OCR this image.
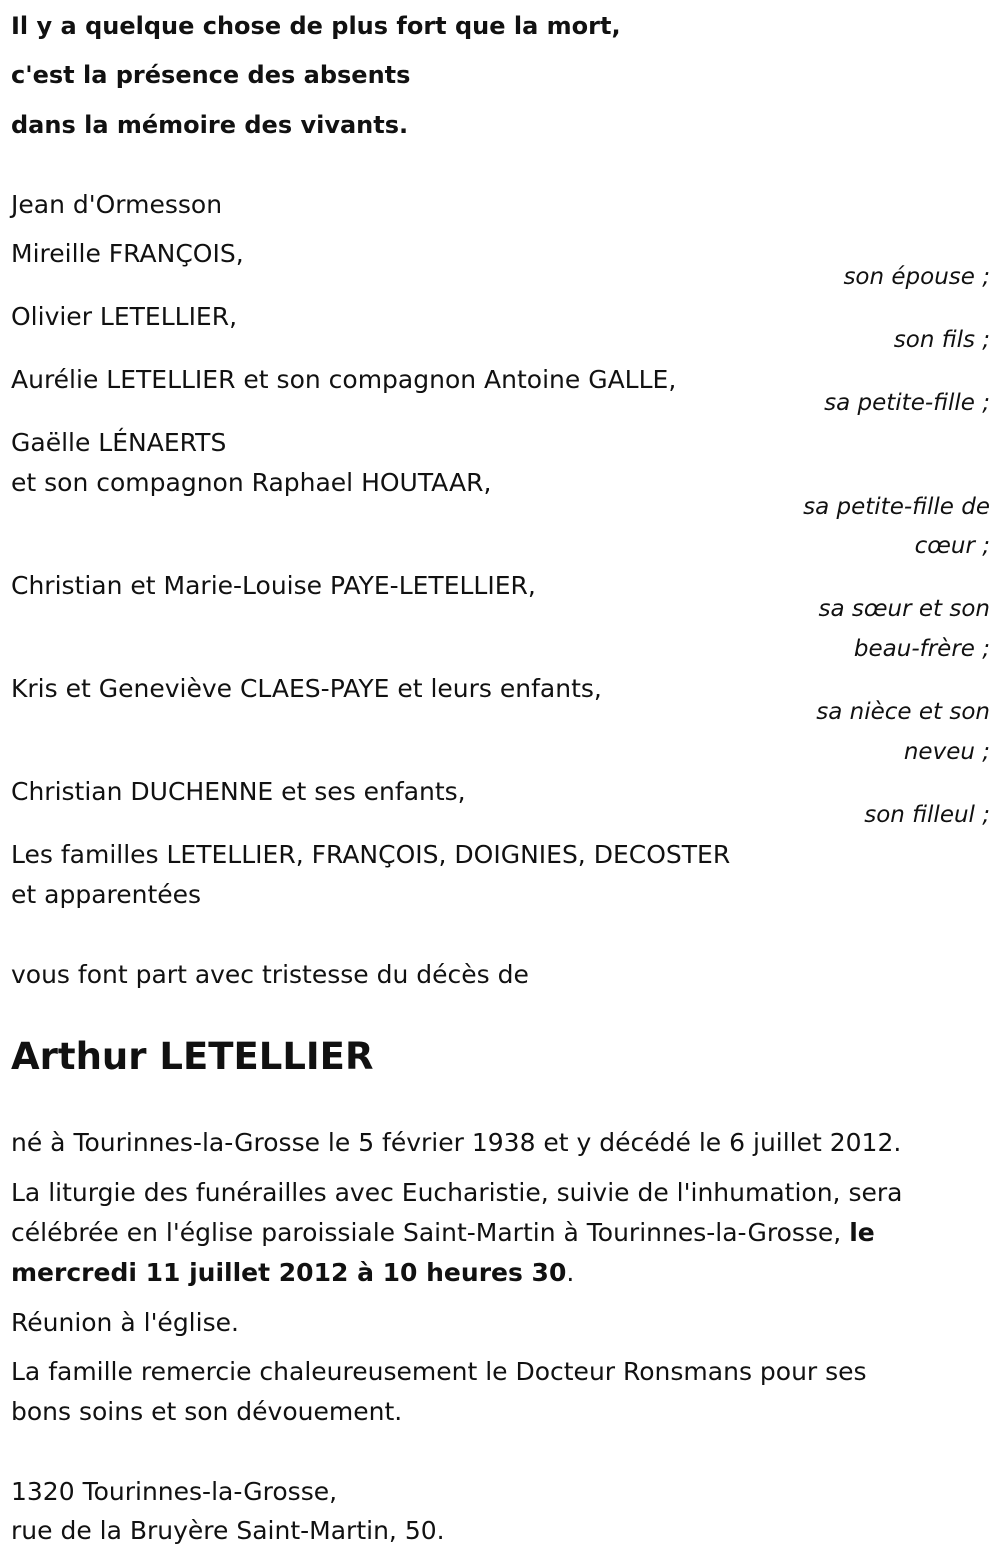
Il y a quelque chose de plus fort que la mort,

c'est la présence des absents

dans la mémoire des vivants.

Jean d'Ormesson

Mireille FRANÇOIS,

son épouse ;

Olivier LETELLIER,

son fils ;

Aurélie LETELLIER et son compagnon Antoine GALLE,

sa petite-fille ;

Gaëlle LÉNAERTS

et son compagnon Raphael HOUTAAR,

sa petite-fille de

cœur ;

Christian et Marie-Louise PAYE-LETELLIER,

sa sœur et son

beau-frère ;

Kris et Geneviève CLAES-PAYE et leurs enfants,

sa nièce et son

neveu ;

Christian DUCHENNE et ses enfants,

son filleul ;

Les familles LETELLIER, FRANÇOIS, DOIGNIES, DECOSTER

et apparentées

vous font part avec tristesse du décès de

Arthur LETELLIER

né à Tourinnes-la-Grosse le 5 février 1938 et y décédé le 6 juillet 2012.

La liturgie des funérailles avec Eucharistie, suivie de l'inhumation, sera

célébrée en l'église paroissiale Saint-Martin à Tourinnes-la-Grosse, le

mercredi 11 juillet 2012 à 10 heures 30.

Réunion à l'église.

La famille remercie chaleureusement le Docteur Ronsmans pour ses

bons soins et son dévouement.

1320 Tourinnes-la-Grosse,

rue de la Bruyère Saint-Martin, 50.
